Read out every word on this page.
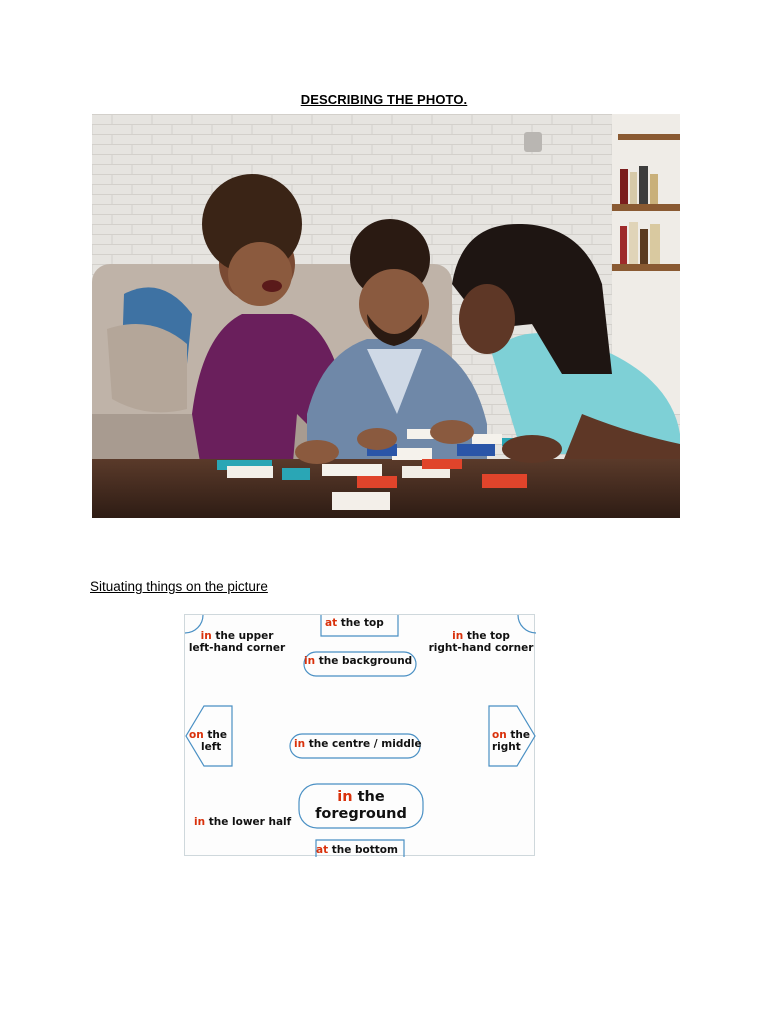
DESCRIBING THE PHOTO.
Situating things on the picture
at the top
in the upper
left-hand corner
in the top
right-hand corner
in the background
on the
left	in the centre / middle
on the
right
in the
foreground
in the lower half
at the bottom
